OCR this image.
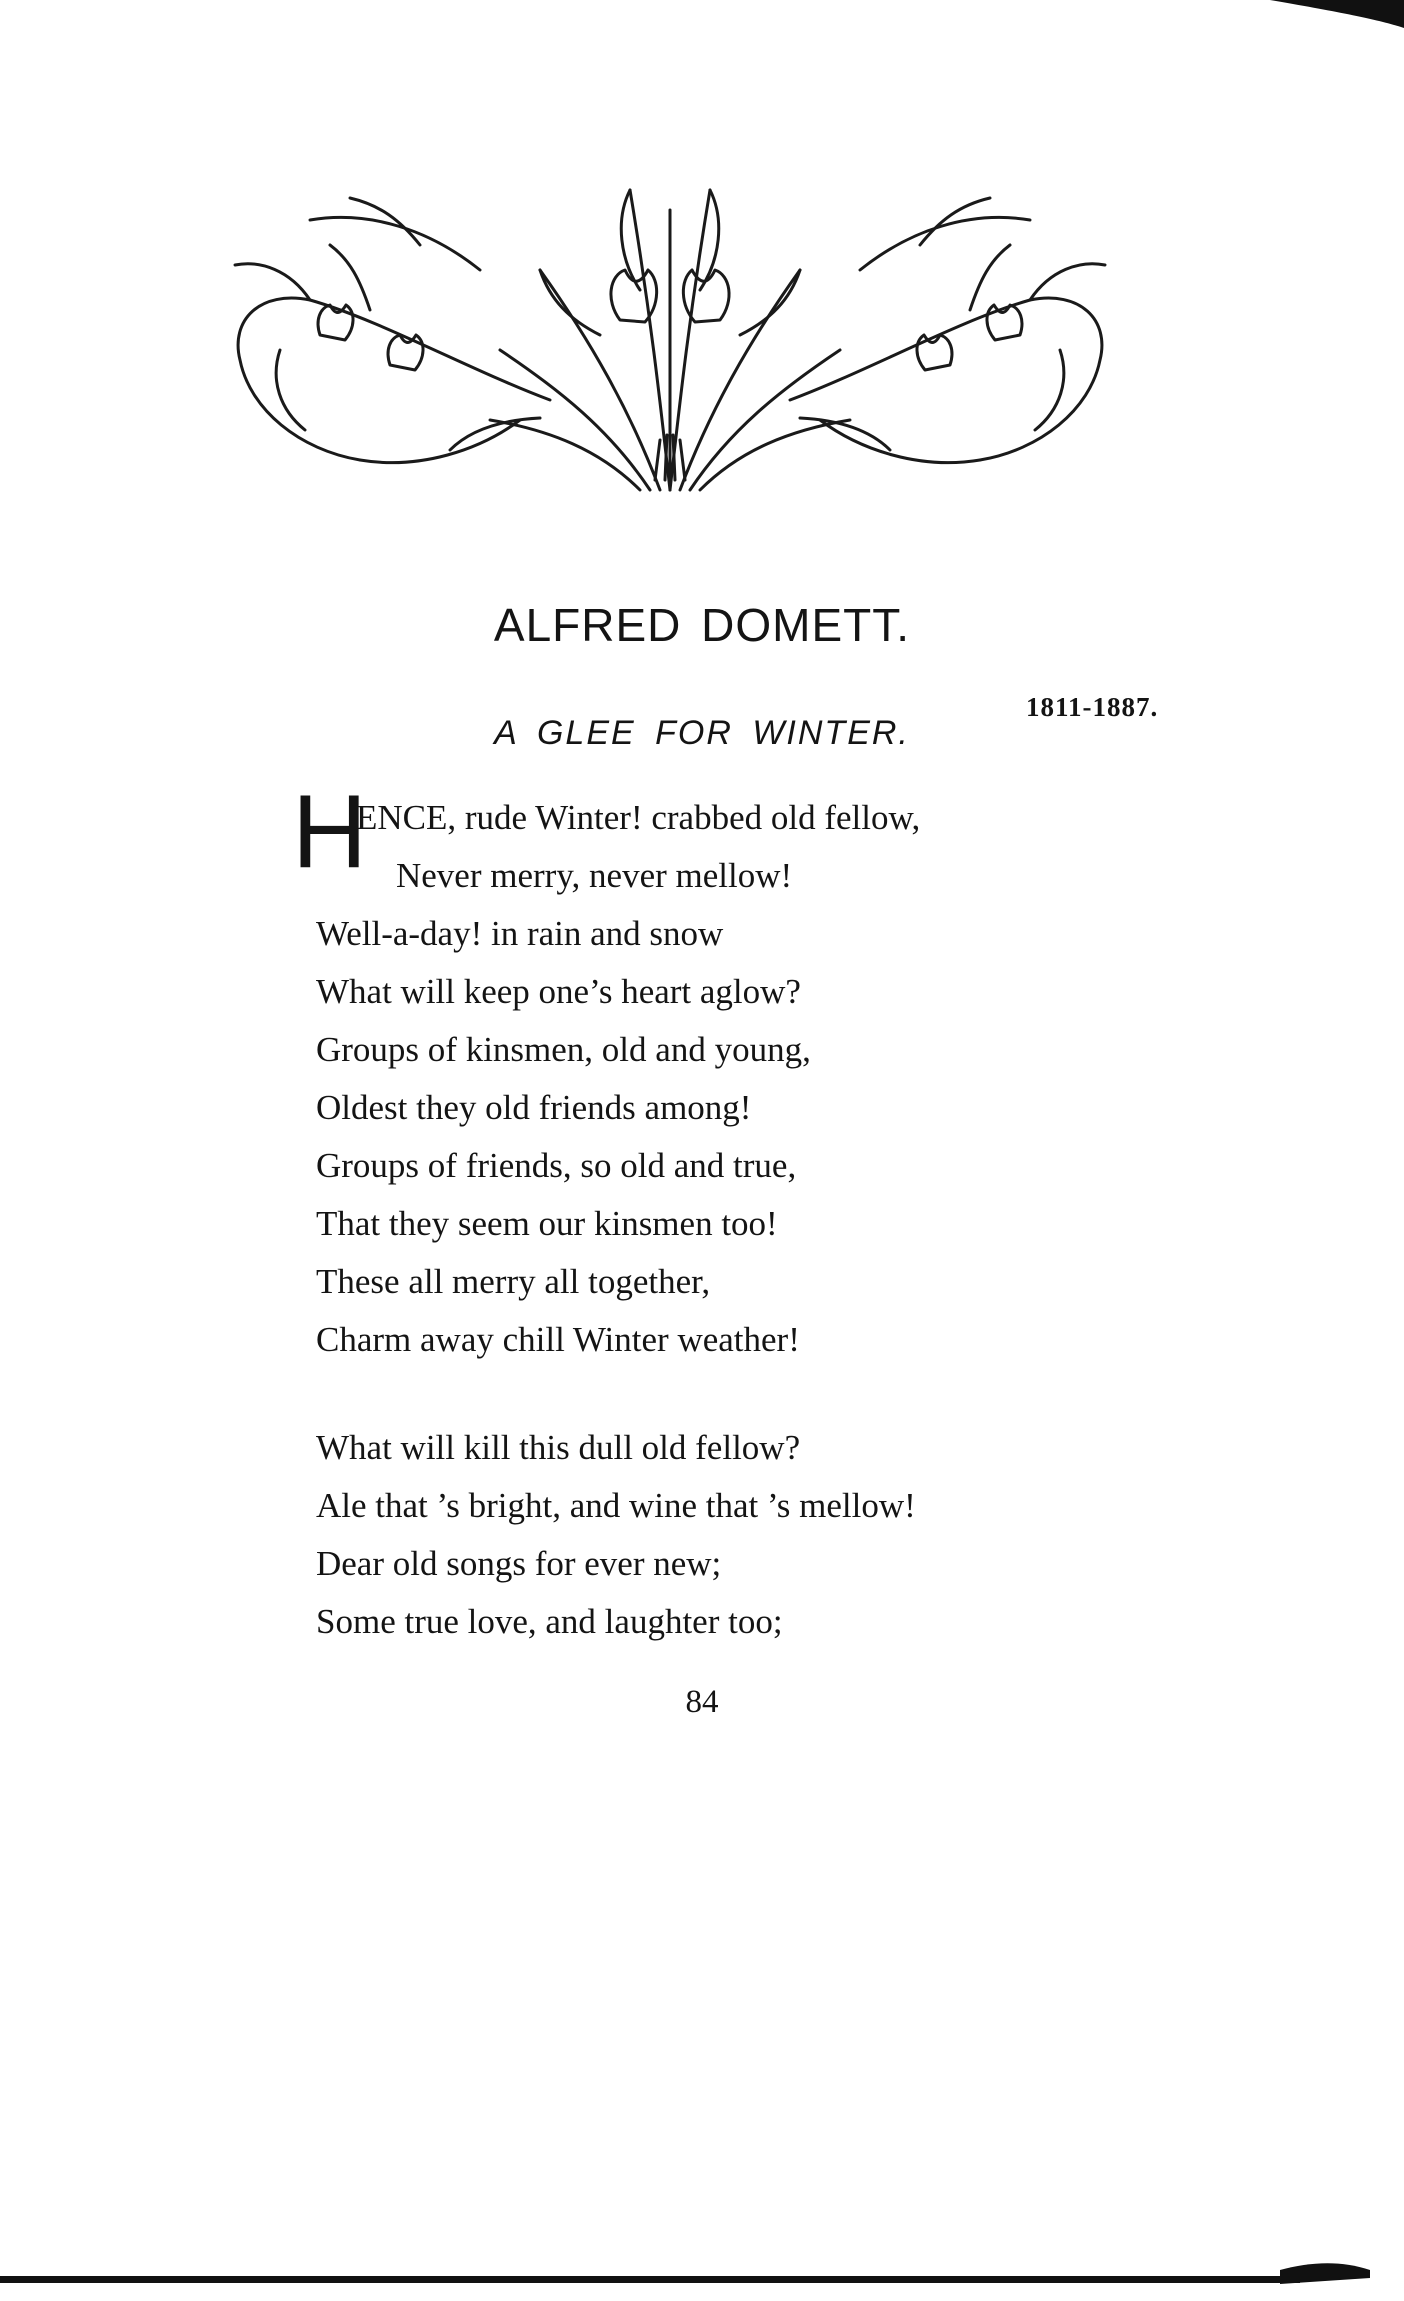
ALFRED DOMETT.
1811-1887.
A GLEE FOR WINTER.
H
ENCE, rude Winter! crabbed old fellow,
Never merry, never mellow!
Well-a-day! in rain and snow
What will keep one’s heart aglow?
Groups of kinsmen, old and young,
Oldest they old friends among!
Groups of friends, so old and true,
That they seem our kinsmen too!
These all merry all together,
Charm away chill Winter weather!
What will kill this dull old fellow?
Ale that ’s bright, and wine that ’s mellow!
Dear old songs for ever new;
Some true love, and laughter too;
84
